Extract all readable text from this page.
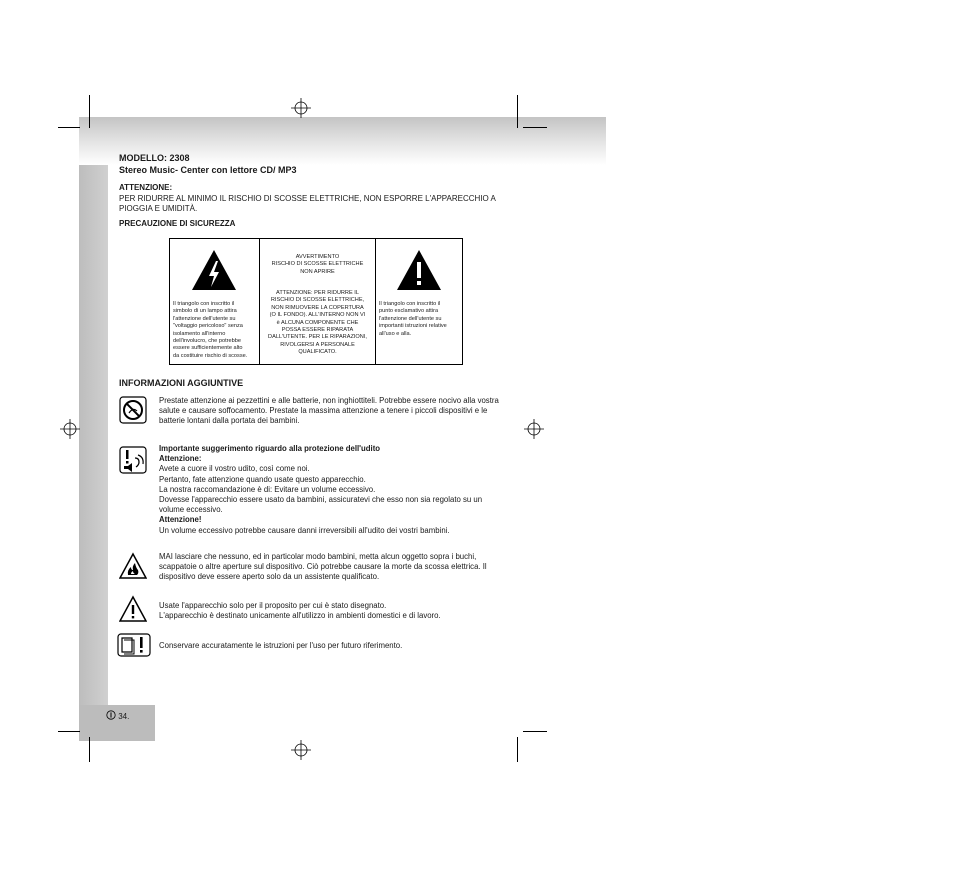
MODELLO: 2308
Stereo Music- Center con lettore CD/ MP3
ATTENZIONE:
PER RIDURRE AL MINIMO IL RISCHIO DI SCOSSE ELETTRICHE, NON ESPORRE L'APPARECCHIO A
PIOGGIA E UMIDITÀ.
PRECAUZIONE DI SICUREZZA
Il triangolo con inscritto il
simbolo di un lampo attira
l'attenzione dell'utente su
"voltaggio pericoloso" senza
isolamento all'interno
dell'involucro, che potrebbe
essere sufficientemente alto
da costituire rischio di scosse.
AVVERTIMENTO
RISCHIO DI SCOSSE ELETTRICHE
NON APRIRE
ATTENZIONE: PER RIDURRE IL
RISCHIO DI SCOSSE ELETTRICHE,
NON RIMUOVERE LA COPERTURA
(O IL FONDO). ALL'INTERNO NON VI
è ALCUNA COMPONENTE CHE
POSSA ESSERE RIPARATA
DALL'UTENTE. PER LE RIPARAZIONI,
RIVOLGERSI A PERSONALE
QUALIFICATO.
Il triangolo con inscritto il
punto esclamativo attira
l'attenzione dell'utente su
importanti istruzioni relative
all'uso e alla.
INFORMAZIONI AGGIUNTIVE
Prestate attenzione ai pezzettini e alle batterie, non inghiottiteli. Potrebbe essere nocivo alla vostra
salute e causare soffocamento. Prestate la massima attenzione a tenere i piccoli dispositivi e le
batterie lontani dalla portata dei bambini.
Importante suggerimento riguardo alla protezione dell'udito
Attenzione:
Avete a cuore il vostro udito, così come noi.
Pertanto, fate attenzione quando usate questo apparecchio.
La nostra raccomandazione è di: Evitare un volume eccessivo.
Dovesse l'apparecchio essere usato da bambini, assicuratevi che esso non sia regolato su un
volume eccessivo.
Attenzione!
Un volume eccessivo potrebbe causare danni irreversibili all'udito dei vostri bambini.
MAI lasciare che nessuno, ed in particolar modo bambini, metta alcun oggetto sopra i buchi,
scappatoie o altre aperture sul dispositivo. Ciò potrebbe causare la morte da scossa elettrica. Il
dispositivo deve essere aperto solo da un assistente qualificato.
Usate l'apparecchio solo per il proposito per cui è stato disegnato.
L'apparecchio è destinato unicamente all'utilizzo in ambienti domestici e di lavoro.
Conservare accuratamente le istruzioni per l'uso per futuro riferimento.
34.
